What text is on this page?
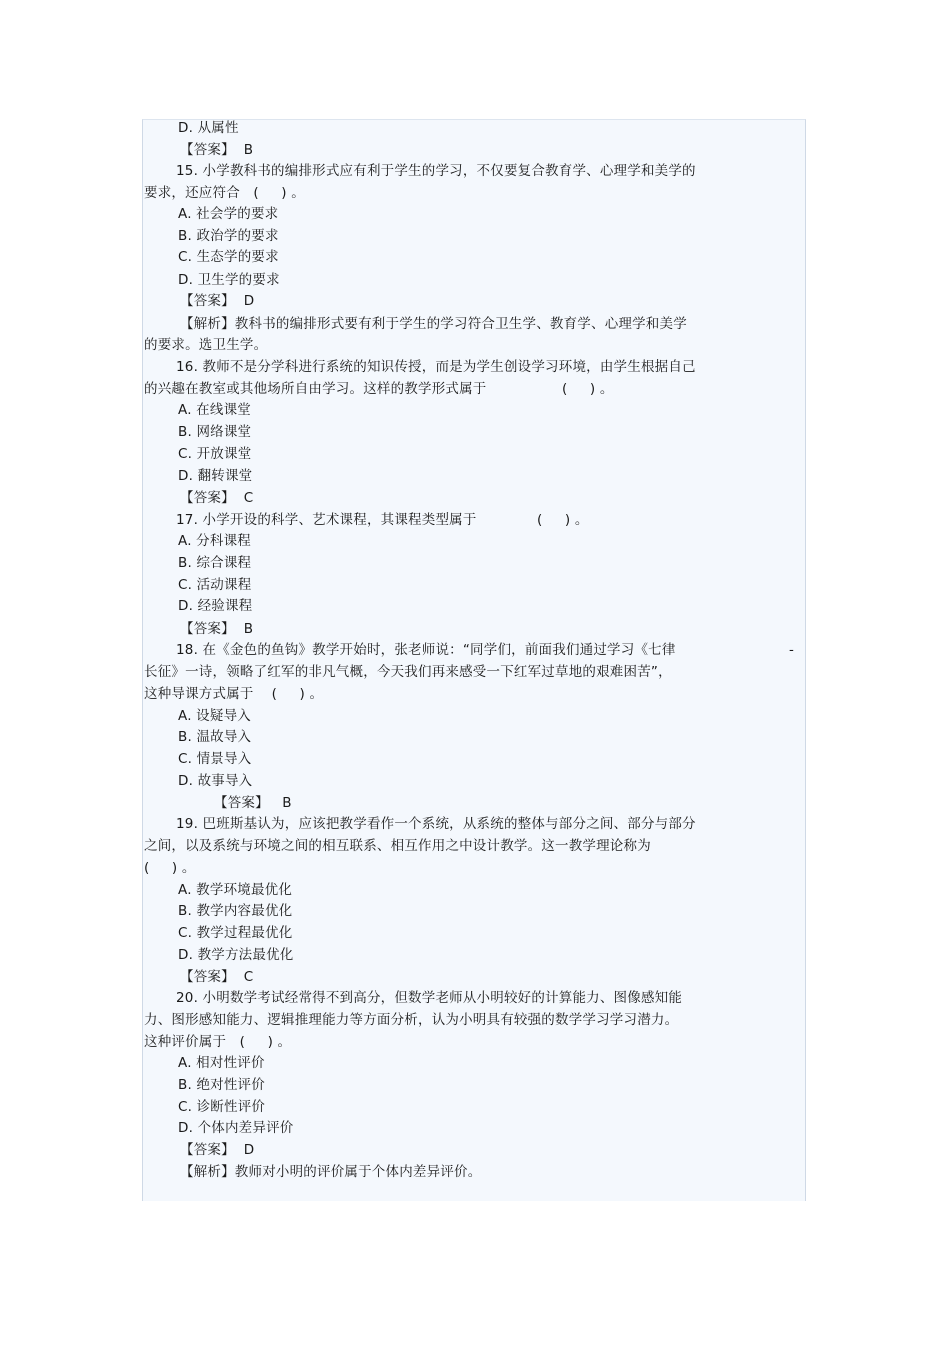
D. 从属性
【答案】  B
15. 小学教科书的编排形式应有利于学生的学习，不仅要复合教育学、心理学和美学的
要求，还应符合   (     ) 。
A. 社会学的要求
B. 政治学的要求
C. 生态学的要求
D. 卫生学的要求
【答案】  D
【解析】教科书的编排形式要有利于学生的学习符合卫生学、教育学、心理学和美学
的要求。选卫生学。
16. 教师不是分学科进行系统的知识传授，而是为学生创设学习环境，由学生根据自己
的兴趣在教室或其他场所自由学习。这样的教学形式属于	(     ) 。
A. 在线课堂
B. 网络课堂
C. 开放课堂
D. 翻转课堂
【答案】  C
17. 小学开设的科学、艺术课程，其课程类型属于	(     ) 。
A. 分科课程
B. 综合课程
C. 活动课程
D. 经验课程
【答案】  B
18. 在《金色的鱼钩》教学开始时，张老师说：“同学们，前面我们通过学习《七律	-
长征》一诗，领略了红军的非凡气概，今天我们再来感受一下红军过草地的艰难困苦”，
这种导课方式属于    (     ) 。
A. 设疑导入
B. 温故导入
C. 情景导入
D. 故事导入
【答案】   B
19. 巴班斯基认为，应该把教学看作一个系统，从系统的整体与部分之间、部分与部分
之间，以及系统与环境之间的相互联系、相互作用之中设计教学。这一教学理论称为
(     ) 。
A. 教学环境最优化
B. 教学内容最优化
C. 教学过程最优化
D. 教学方法最优化
【答案】  C
20. 小明数学考试经常得不到高分，但数学老师从小明较好的计算能力、图像感知能
力、图形感知能力、逻辑推理能力等方面分析，认为小明具有较强的数学学习学习潜力。
这种评价属于   (     ) 。
A. 相对性评价
B. 绝对性评价
C. 诊断性评价
D. 个体内差异评价
【答案】  D
【解析】教师对小明的评价属于个体内差异评价。
